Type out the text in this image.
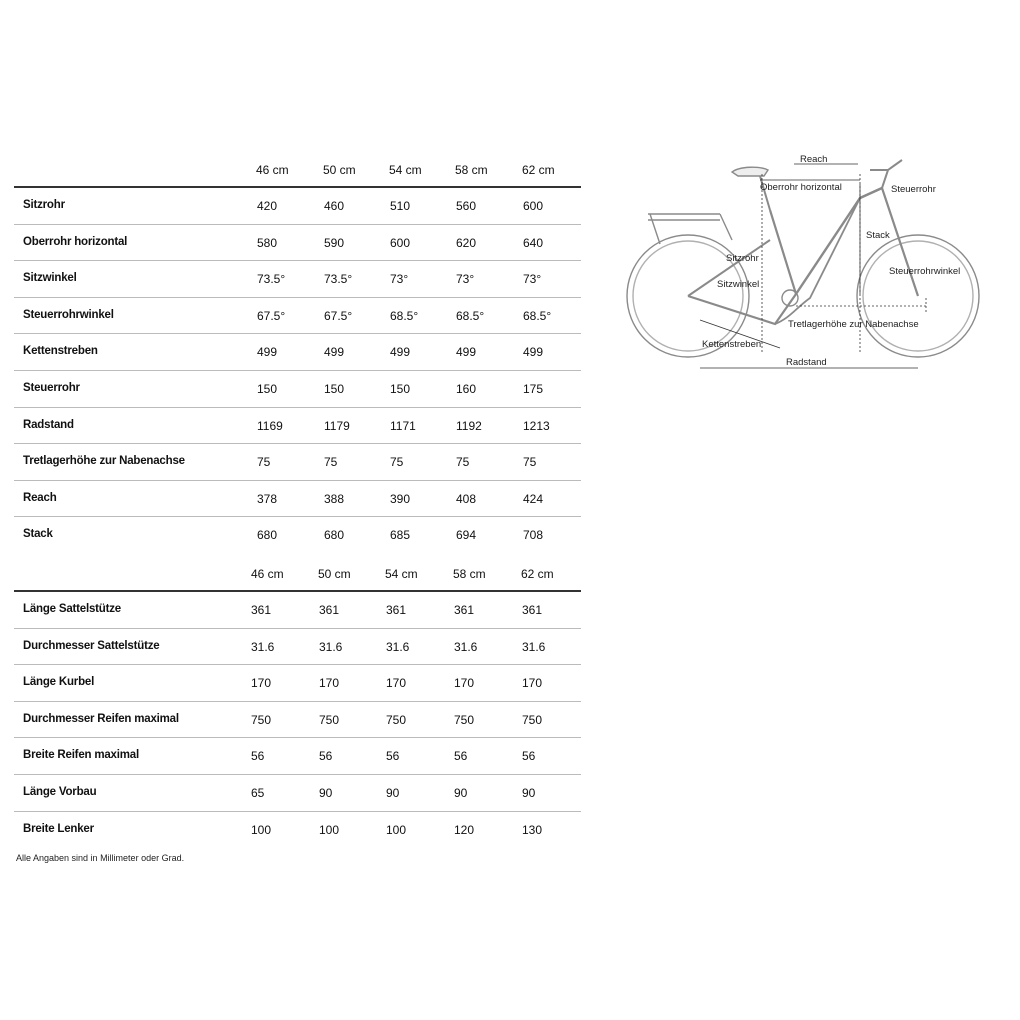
46 cm	50 cm	54 cm	58 cm	62 cm
Sitzrohr	420	460	510	560	600
Oberrohr horizontal	580	590	600	620	640
Sitzwinkel	73.5°	73.5°	73°	73°	73°
Steuerrohrwinkel	67.5°	67.5°	68.5°	68.5°	68.5°
Kettenstreben	499	499	499	499	499
Steuerrohr	150	150	150	160	175
Radstand	1169	1179	1171	1192	1213
Tretlagerhöhe zur Nabenachse	75	75	75	75	75
Reach	378	388	390	408	424
Stack	680	680	685	694	708
46 cm	50 cm	54 cm	58 cm	62 cm
Länge Sattelstütze	361	361	361	361	361
Durchmesser Sattelstütze	31.6	31.6	31.6	31.6	31.6
Länge Kurbel	170	170	170	170	170
Durchmesser Reifen maximal	750	750	750	750	750
Breite Reifen maximal	56	56	56	56	56
Länge Vorbau	65	90	90	90	90
Breite Lenker	100	100	100	120	130
Alle Angaben sind in Millimeter oder Grad.
Reach
Oberrohr horizontal	Steuerrohr
Stack
Sitzrohr
Steuerrohrwinkel
Sitzwinkel
Tretlagerhöhe zur Nabenachse
Kettenstreben
Radstand
